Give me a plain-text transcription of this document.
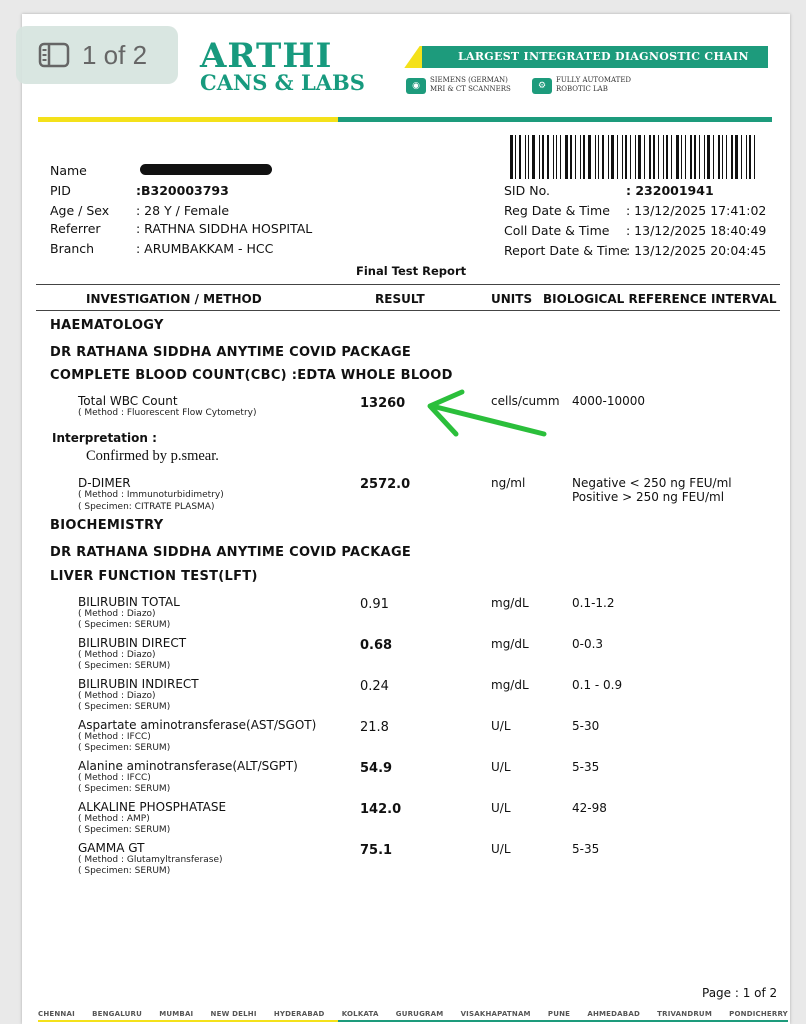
ARTHI
CANS & LABS
LARGEST INTEGRATED DIAGNOSTIC CHAIN
◉
SIEMENS (GERMAN)
MRI & CT SCANNERS	⚙
FULLY AUTOMATED
ROBOTIC LAB
Name
PID	:B320003793
Age / Sex : 28 Y / Female
Referrer	: RATHNA SIDDHA HOSPITAL
Branch	: ARUMBAKKAM - HCC
SID No.	: 232001941
Reg Date & Time : 13/12/2025 17:41:02
Coll Date & Time : 13/12/2025 18:40:49
Report Date & Time
: 13/12/2025 20:04:45
Final Test Report
INVESTIGATION / METHOD	RESULT	UNITS BIOLOGICAL REFERENCE INTERVAL
HAEMATOLOGY
DR RATHANA SIDDHA ANYTIME COVID PACKAGE
COMPLETE BLOOD COUNT(CBC) :EDTA WHOLE BLOOD
Total WBC Count
( Method : Fluorescent Flow Cytometry)
13260	cells/cumm 4000-10000
Interpretation :
Confirmed by p.smear.
D-DIMER
( Method : Immunoturbidimetry)
( Specimen: CITRATE PLASMA)
2572.0	ng/ml	Negative < 250 ng FEU/ml
Positive > 250 ng FEU/ml
BIOCHEMISTRY
DR RATHANA SIDDHA ANYTIME COVID PACKAGE
LIVER FUNCTION TEST(LFT)
BILIRUBIN TOTAL
( Method : Diazo)
( Specimen: SERUM)
0.91	mg/dL	0.1-1.2
BILIRUBIN DIRECT
( Method : Diazo)
( Specimen: SERUM)
0.68	mg/dL	0-0.3
BILIRUBIN INDIRECT
( Method : Diazo)
( Specimen: SERUM)
0.24	mg/dL	0.1 - 0.9
Aspartate aminotransferase(AST/SGOT)
( Method : IFCC)
( Specimen: SERUM)
21.8	U/L	5-30
Alanine aminotransferase(ALT/SGPT)
( Method : IFCC)
( Specimen: SERUM)
54.9	U/L	5-35
ALKALINE PHOSPHATASE
( Method : AMP)
( Specimen: SERUM)
142.0	U/L	42-98
GAMMA GT
( Method : Glutamyltransferase)
( Specimen: SERUM)
75.1	U/L	5-35
Page : 1 of 2
CHENNAI BENGALURU MUMBAI NEW DELHI HYDERABAD KOLKATA GURUGRAM VISAKHAPATNAM PUNE AHMEDABAD TRIVANDRUM PONDICHERRY
1 of 2
